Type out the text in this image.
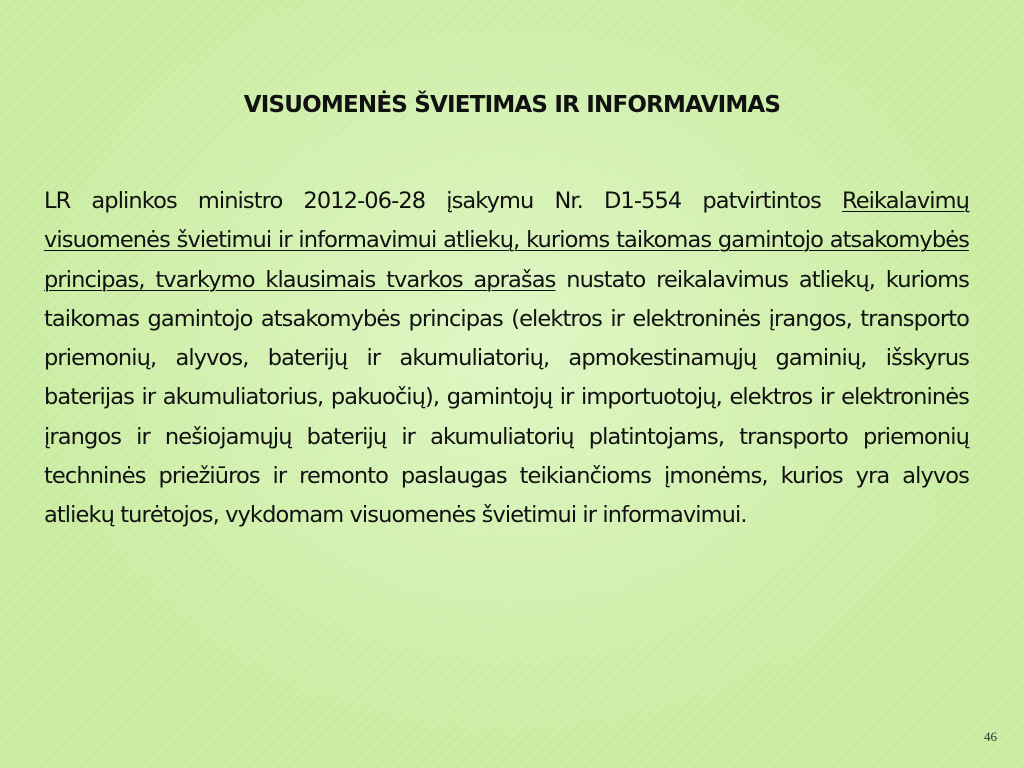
VISUOMENĖS ŠVIETIMAS IR INFORMAVIMAS

LR aplinkos ministro 2012-06-28 įsakymu Nr. D1-554 patvirtintos Reikalavimų visuomenės švietimui ir informavimui atliekų, kurioms taikomas gamintojo atsakomybės principas, tvarkymo klausimais tvarkos aprašas nustato reikalavimus atliekų, kurioms taikomas gamintojo atsakomybės principas (elektros ir elektroninės įrangos, transporto priemonių, alyvos, baterijų ir akumuliatorių, apmokestinamųjų gaminių, išskyrus baterijas ir akumuliatorius, pakuočių), gamintojų ir importuotojų, elektros ir elektroninės įrangos ir nešiojamųjų baterijų ir akumuliatorių platintojams, transporto priemonių techninės priežiūros ir remonto paslaugas teikiančioms įmonėms, kurios yra alyvos atliekų turėtojos, vykdomam visuomenės švietimui ir informavimui.

46
